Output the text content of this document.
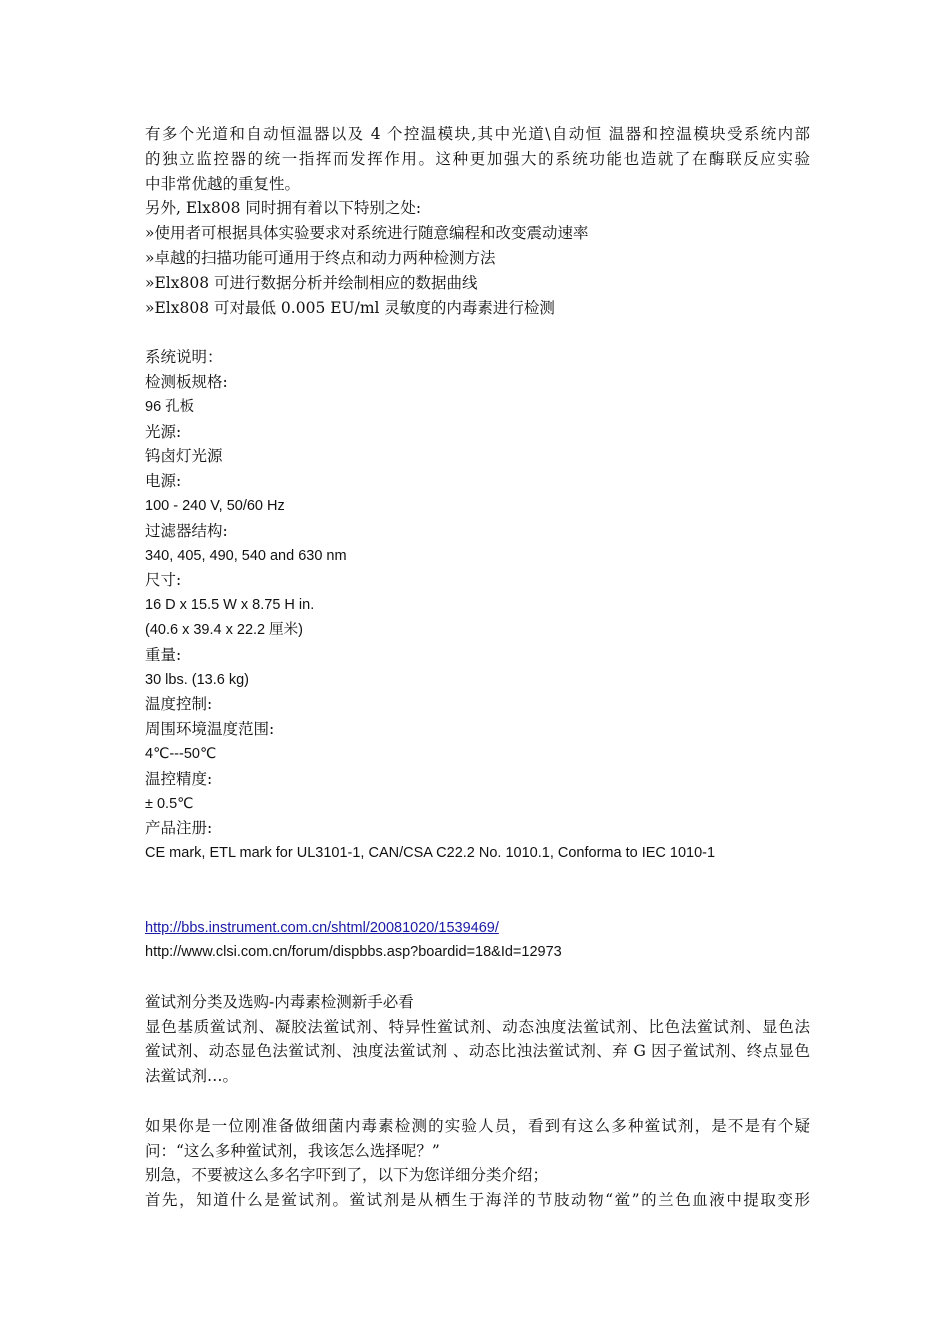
有多个光道和自动恒温器以及 4 个控温模块,其中光道\自动恒 温器和控温模块受系统内部
的独立监控器的统一指挥而发挥作用。这种更加强大的系统功能也造就了在酶联反应实验
中非常优越的重复性。
另外, Elx808 同时拥有着以下特别之处:
»使用者可根据具体实验要求对系统进行随意编程和改变震动速率
»卓越的扫描功能可通用于终点和动力两种检测方法
»Elx808 可进行数据分析并绘制相应的数据曲线
»Elx808 可对最低 0.005 EU/ml 灵敏度的内毒素进行检测
系统说明：
检测板规格:
96 孔板
光源:
钨卤灯光源
电源:
100 - 240 V, 50/60 Hz
过滤器结构:
340, 405, 490, 540 and 630 nm
尺寸:
16 D x 15.5 W x 8.75 H in.
(40.6 x 39.4 x 22.2 厘米)
重量:
30 lbs. (13.6 kg)
温度控制:
周围环境温度范围:
4℃---50℃
温控精度:
± 0.5℃
产品注册:
CE mark, ETL mark for UL3101-1, CAN/CSA C22.2 No. 1010.1, Conforma to IEC 1010-1
http://bbs.instrument.com.cn/shtml/20081020/1539469/
http://www.clsi.com.cn/forum/dispbbs.asp?boardid=18&Id=12973
鲎试剂分类及选购-内毒素检测新手必看
显色基质鲎试剂、凝胶法鲎试剂、特异性鲎试剂、动态浊度法鲎试剂、比色法鲎试剂、显色法
鲎试剂、动态显色法鲎试剂、浊度法鲎试剂 、动态比浊法鲎试剂、弃 G 因子鲎试剂、终点显色
法鲎试剂…。
如果你是一位刚准备做细菌内毒素检测的实验人员，看到有这么多种鲎试剂，是不是有个疑
问：“这么多种鲎试剂，我该怎么选择呢？”
别急，不要被这么多名字吓到了，以下为您详细分类介绍；
首先，知道什么是鲎试剂。鲎试剂是从栖生于海洋的节肢动物“鲎”的兰色血液中提取变形
